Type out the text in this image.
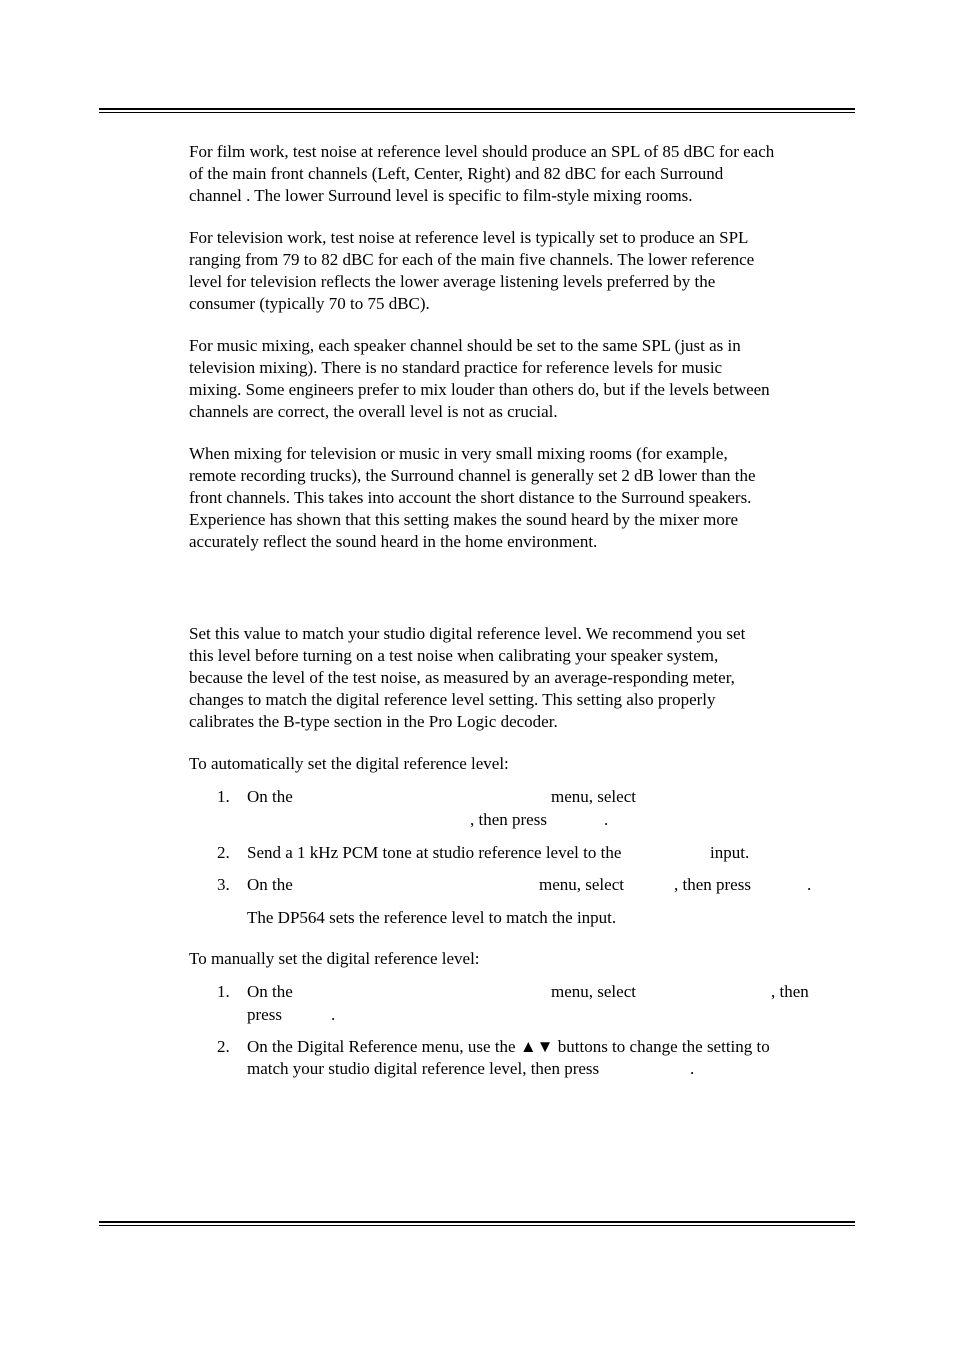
For film work, test noise at reference level should produce an SPL of 85 dBC for each
of the main front channels (Left, Center, Right) and 82 dBC for each Surround
channel . The lower Surround level is specific to film-style mixing rooms.
For television work, test noise at reference level is typically set to produce an SPL
ranging from 79 to 82 dBC for each of the main five channels. The lower reference
level for television reflects the lower average listening levels preferred by the
consumer (typically 70 to 75 dBC).
For music mixing, each speaker channel should be set to the same SPL (just as in
television mixing). There is no standard practice for reference levels for music
mixing. Some engineers prefer to mix louder than others do, but if the levels between
channels are correct, the overall level is not as crucial.
When mixing for television or music in very small mixing rooms (for example,
remote recording trucks), the Surround channel is generally set 2 dB lower than the
front channels. This takes into account the short distance to the Surround speakers.
Experience has shown that this setting makes the sound heard by the mixer more
accurately reflect the sound heard in the home environment.
Set this value to match your studio digital reference level. We recommend you set
this level before turning on a test noise when calibrating your speaker system,
because the level of the test noise, as measured by an average-responding meter,
changes to match the digital reference level setting. This setting also properly
calibrates the B-type section in the Pro Logic decoder.
To automatically set the digital reference level:
1. On the	menu, select
, then press	.
2. Send a 1 kHz PCM tone at studio reference level to the	input.
3. On the	menu, select	, then press	.
The DP564 sets the reference level to match the input.
To manually set the digital reference level:
1. On the	menu, select	, then
press	.
2. On the Digital Reference menu, use the ▲▼ buttons to change the setting to
match your studio digital reference level, then press	.
